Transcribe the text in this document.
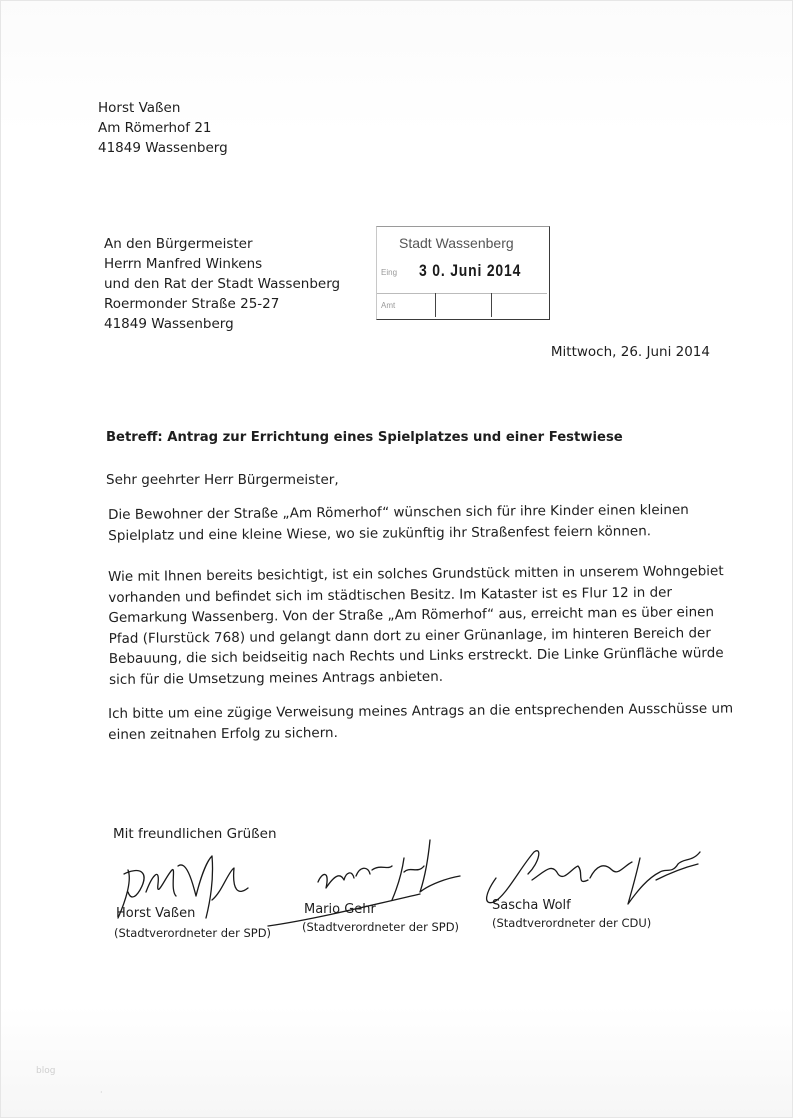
Horst Vaßen
Am Römerhof 21
41849 Wassenberg
An den Bürgermeister
Herrn Manfred Winkens
und den Rat der Stadt Wassenberg
Roermonder Straße 25-27
41849 Wassenberg
Stadt Wassenberg
Eing 3 0. Juni 2014
Amt
Mittwoch, 26. Juni 2014
Betreff: Antrag zur Errichtung eines Spielplatzes und einer Festwiese
Sehr geehrter Herr Bürgermeister,
Die Bewohner der Straße „Am Römerhof“ wünschen sich für ihre Kinder einen kleinen
Spielplatz und eine kleine Wiese, wo sie zukünftig ihr Straßenfest feiern können.
Wie mit Ihnen bereits besichtigt, ist ein solches Grundstück mitten in unserem Wohngebiet
vorhanden und befindet sich im städtischen Besitz. Im Kataster ist es Flur 12 in der
Gemarkung Wassenberg. Von der Straße „Am Römerhof“ aus, erreicht man es über einen
Pfad (Flurstück 768) und gelangt dann dort zu einer Grünanlage, im hinteren Bereich der
Bebauung, die sich beidseitig nach Rechts und Links erstreckt. Die Linke Grünfläche würde
sich für die Umsetzung meines Antrags anbieten.
Ich bitte um eine zügige Verweisung meines Antrags an die entsprechenden Ausschüsse um
einen zeitnahen Erfolg zu sichern.
Mit freundlichen Grüßen
Horst Vaßen
(Stadtverordneter der SPD)
Mario Gehr
(Stadtverordneter der SPD)
Sascha Wolf
(Stadtverordneter der CDU)
blog
·
